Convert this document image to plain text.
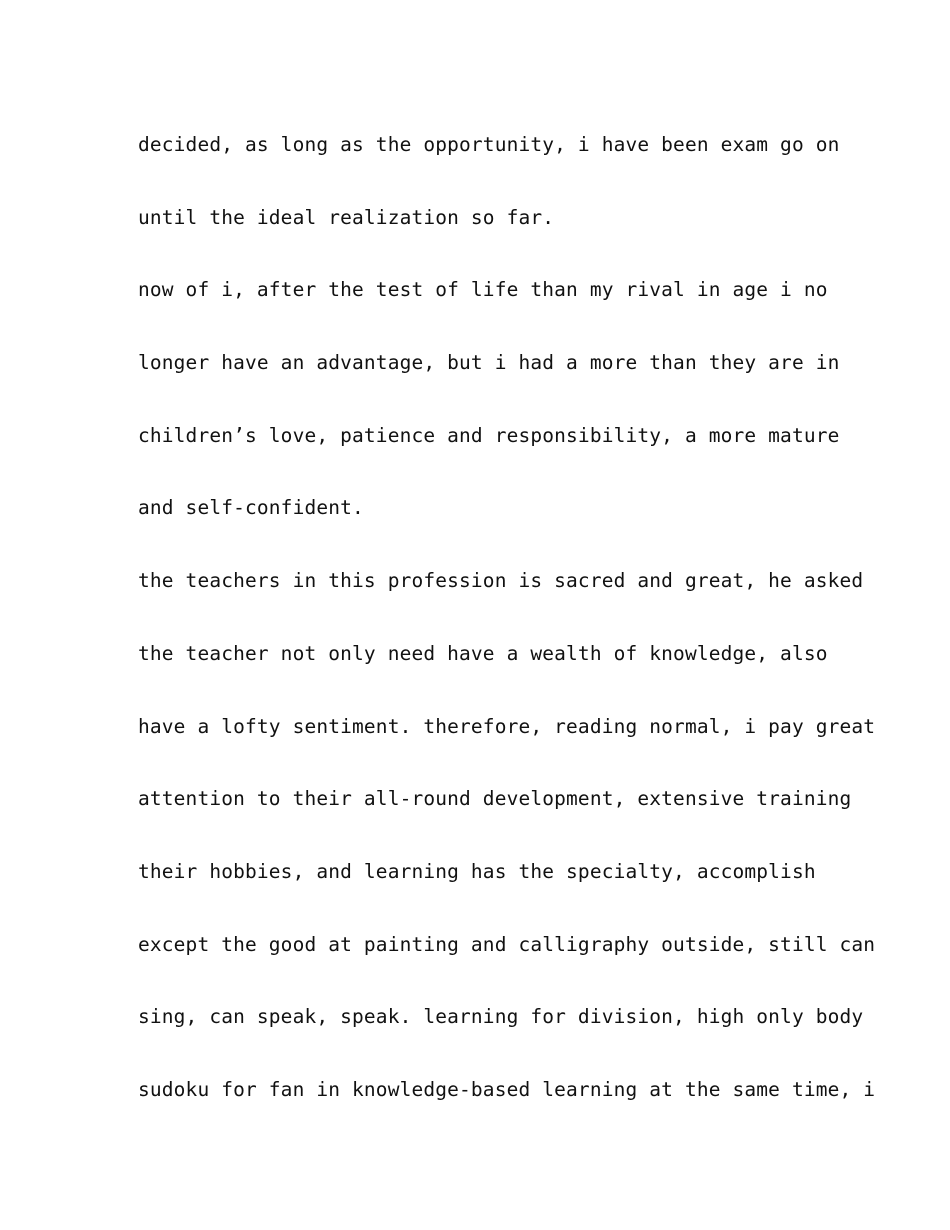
decided, as long as the opportunity, i have been exam go on
until the ideal realization so far.
now of i, after the test of life than my rival in age i no
longer have an advantage, but i had a more than they are in
children’s love, patience and responsibility, a more mature
and self-confident.
the teachers in this profession is sacred and great, he asked
the teacher not only need have a wealth of knowledge, also
have a lofty sentiment. therefore, reading normal, i pay great
attention to their all-round development, extensive training
their hobbies, and learning has the specialty, accomplish
except the good at painting and calligraphy outside, still can
sing, can speak, speak. learning for division, high only body
sudoku for fan in knowledge-based learning at the same time, i
